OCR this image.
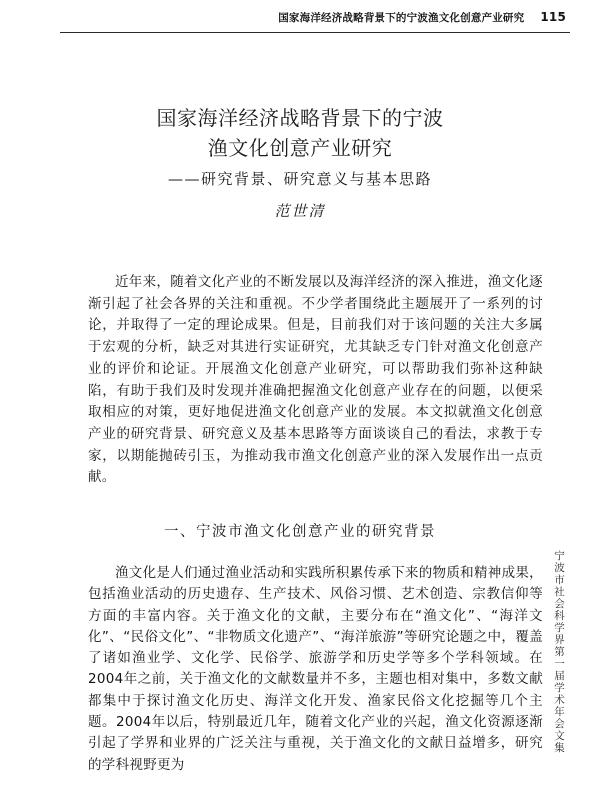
国家海洋经济战略背景下的宁波渔文化创意产业研究 115
国家海洋经济战略背景下的宁波
渔文化创意产业研究
——研究背景、研究意义与基本思路
范世清

近年来，随着文化产业的不断发展以及海洋经济的深入推进，渔文化逐渐引起了社会各界的关注和重视。不少学者围绕此主题展开了一系列的讨论，并取得了一定的理论成果。但是，目前我们对于该问题的关注大多属于宏观的分析，缺乏对其进行实证研究，尤其缺乏专门针对渔文化创意产业的评价和论证。开展渔文化创意产业研究，可以帮助我们弥补这种缺陷，有助于我们及时发现并准确把握渔文化创意产业存在的问题，以便采取相应的对策，更好地促进渔文化创意产业的发展。本文拟就渔文化创意产业的研究背景、研究意义及基本思路等方面谈谈自己的看法，求教于专家，以期能抛砖引玉，为推动我市渔文化创意产业的深入发展作出一点贡献。

一、宁波市渔文化创意产业的研究背景

渔文化是人们通过渔业活动和实践所积累传承下来的物质和精神成果，包括渔业活动的历史遗存、生产技术、风俗习惯、艺术创造、宗教信仰等方面的丰富内容。关于渔文化的文献，主要分布在“渔文化”、“海洋文化”、“民俗文化”、“非物质文化遗产”、“海洋旅游”等研究论题之中，覆盖了诸如渔业学、文化学、民俗学、旅游学和历史学等多个学科领域。在2004年之前，关于渔文化的文献数量并不多，主题也相对集中，多数文献都集中于探讨渔文化历史、海洋文化开发、渔家民俗文化挖掘等几个主题。2004年以后，特别最近几年，随着文化产业的兴起，渔文化资源逐渐引起了学界和业界的广泛关注与重视，关于渔文化的文献日益增多，研究的学科视野更为

宁波市社会科学界第一届学术年会文集
